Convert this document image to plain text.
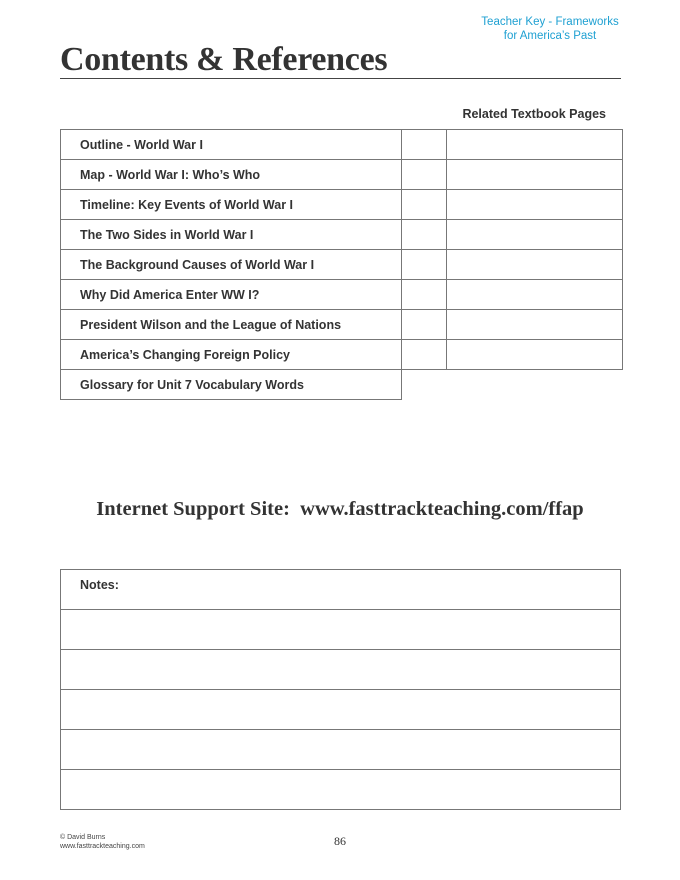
Teacher Key - Frameworks
for America’s Past
Contents & References
Related Textbook Pages
Outline - World War I		
Map - World War I: Who’s Who		
Timeline: Key Events of World War I		
The Two Sides in World War I		
The Background Causes of World War I		
Why Did America Enter WW I?		
President Wilson and the League of Nations		
America’s Changing Foreign Policy		
Glossary for Unit 7 Vocabulary Words		
Internet Support Site:  www.fasttrackteaching.com/ffap
Notes:

© David Burns
www.fasttrackteaching.com	86
